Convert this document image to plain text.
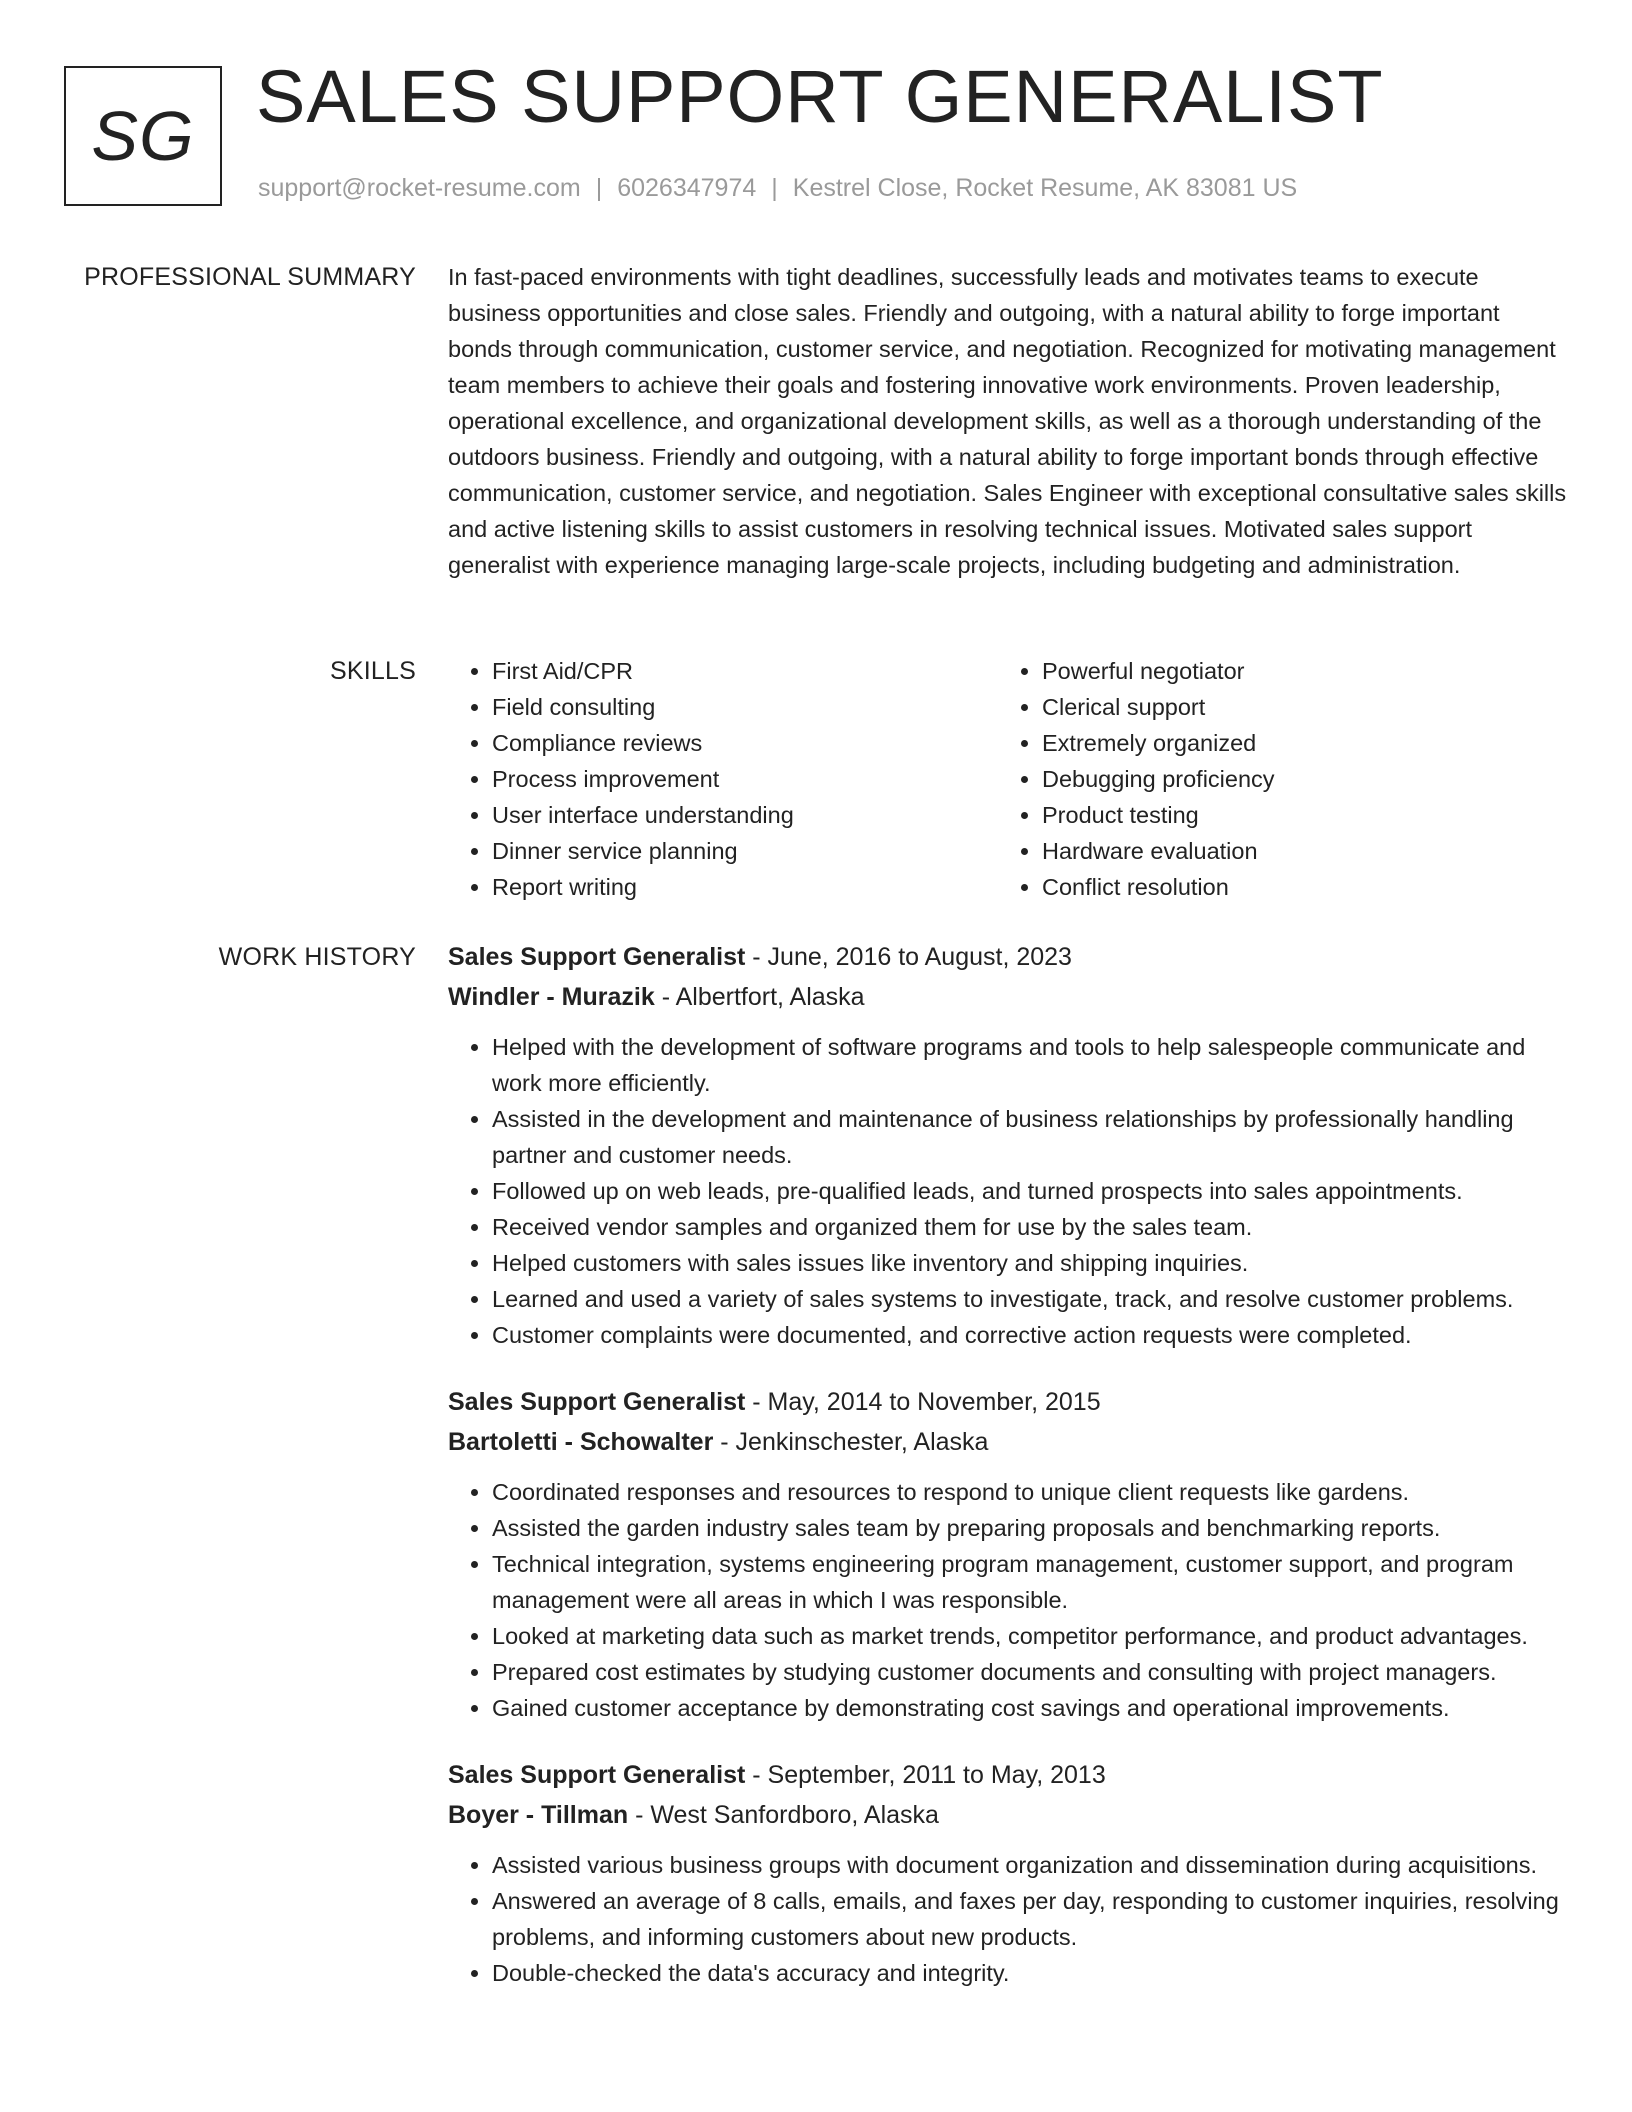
SG SALES SUPPORT GENERALIST
support@rocket-resume.com | 6026347974 | Kestrel Close, Rocket Resume, AK 83081 US
PROFESSIONAL SUMMARY In fast-paced environments with tight deadlines, successfully leads and motivates teams to execute business opportunities and close sales. Friendly and outgoing, with a natural ability to forge important bonds through communication, customer service, and negotiation. Recognized for motivating management team members to achieve their goals and fostering innovative work environments. Proven leadership, operational excellence, and organizational development skills, as well as a thorough understanding of the outdoors business. Friendly and outgoing, with a natural ability to forge important bonds through effective communication, customer service, and negotiation. Sales Engineer with exceptional consultative sales skills and active listening skills to assist customers in resolving technical issues. Motivated sales support generalist with experience managing large-scale projects, including budgeting and administration.

SKILLS
•	First Aid/CPR
• Field consulting
• Compliance reviews
• Process improvement
• User interface understanding
• Dinner service planning
• Report writing
• Powerful negotiator
• Clerical support
• Extremely organized
• Debugging proficiency
• Product testing
• Hardware evaluation
• Conflict resolution
WORK HISTORY Sales Support Generalist - June, 2016 to August, 2023
Windler - Murazik - Albertfort, Alaska
• Helped with the development of software programs and tools to help salespeople communicate and work more efficiently.
• Assisted in the development and maintenance of business relationships by professionally handling partner and customer needs.
• Followed up on web leads, pre-qualified leads, and turned prospects into sales appointments.
• Received vendor samples and organized them for use by the sales team.
• Helped customers with sales issues like inventory and shipping inquiries.
• Learned and used a variety of sales systems to investigate, track, and resolve customer problems.
• Customer complaints were documented, and corrective action requests were completed.
Sales Support Generalist - May, 2014 to November, 2015
Bartoletti - Schowalter - Jenkinschester, Alaska
• Coordinated responses and resources to respond to unique client requests like gardens.
• Assisted the garden industry sales team by preparing proposals and benchmarking reports.
• Technical integration, systems engineering program management, customer support, and program management were all areas in which I was responsible.
• Looked at marketing data such as market trends, competitor performance, and product advantages.
• Prepared cost estimates by studying customer documents and consulting with project managers.
• Gained customer acceptance by demonstrating cost savings and operational improvements.
Sales Support Generalist - September, 2011 to May, 2013
Boyer - Tillman - West Sanfordboro, Alaska
• Assisted various business groups with document organization and dissemination during acquisitions.
• Answered an average of 8 calls, emails, and faxes per day, responding to customer inquiries, resolving problems, and informing customers about new products.
• Double-checked the data's accuracy and integrity.
